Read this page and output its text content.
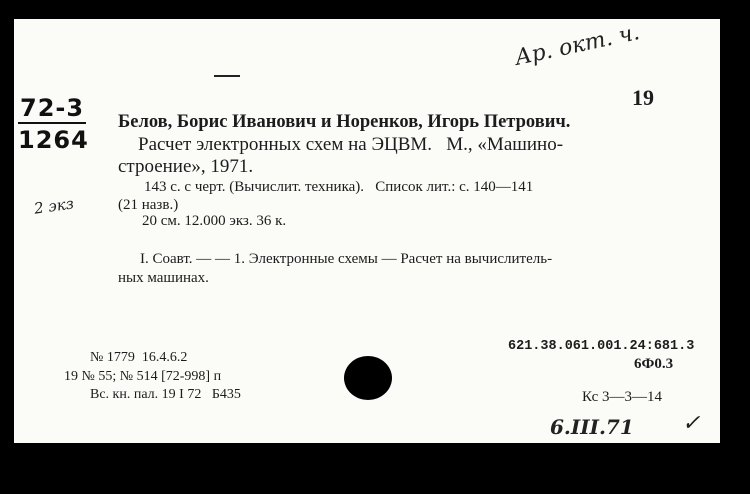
Ар. окт. ч.
72-3
1264
19
Белов, Борис Иванович и Норенков, Игорь Петрович.
Расчет электронных схем на ЭЦВМ.   М., «Машино-
строение», 1971.
2 экз
143 с. с черт. (Вычислит. техника).   Список лит.: с. 140—141
(21 назв.)
20 см. 12.000 экз. 36 к.
I. Соавт. — — 1. Электронные схемы — Расчет на вычислитель-
ных машинах.
621.38.061.001.24:681.3
6Ф0.3
№ 1779  16.4.6.2
19 № 55; № 514 [72-998] п
Вс. кн. пал. 19 I 72   Б435	Кс 3—3—14
6.III.71 ✓
